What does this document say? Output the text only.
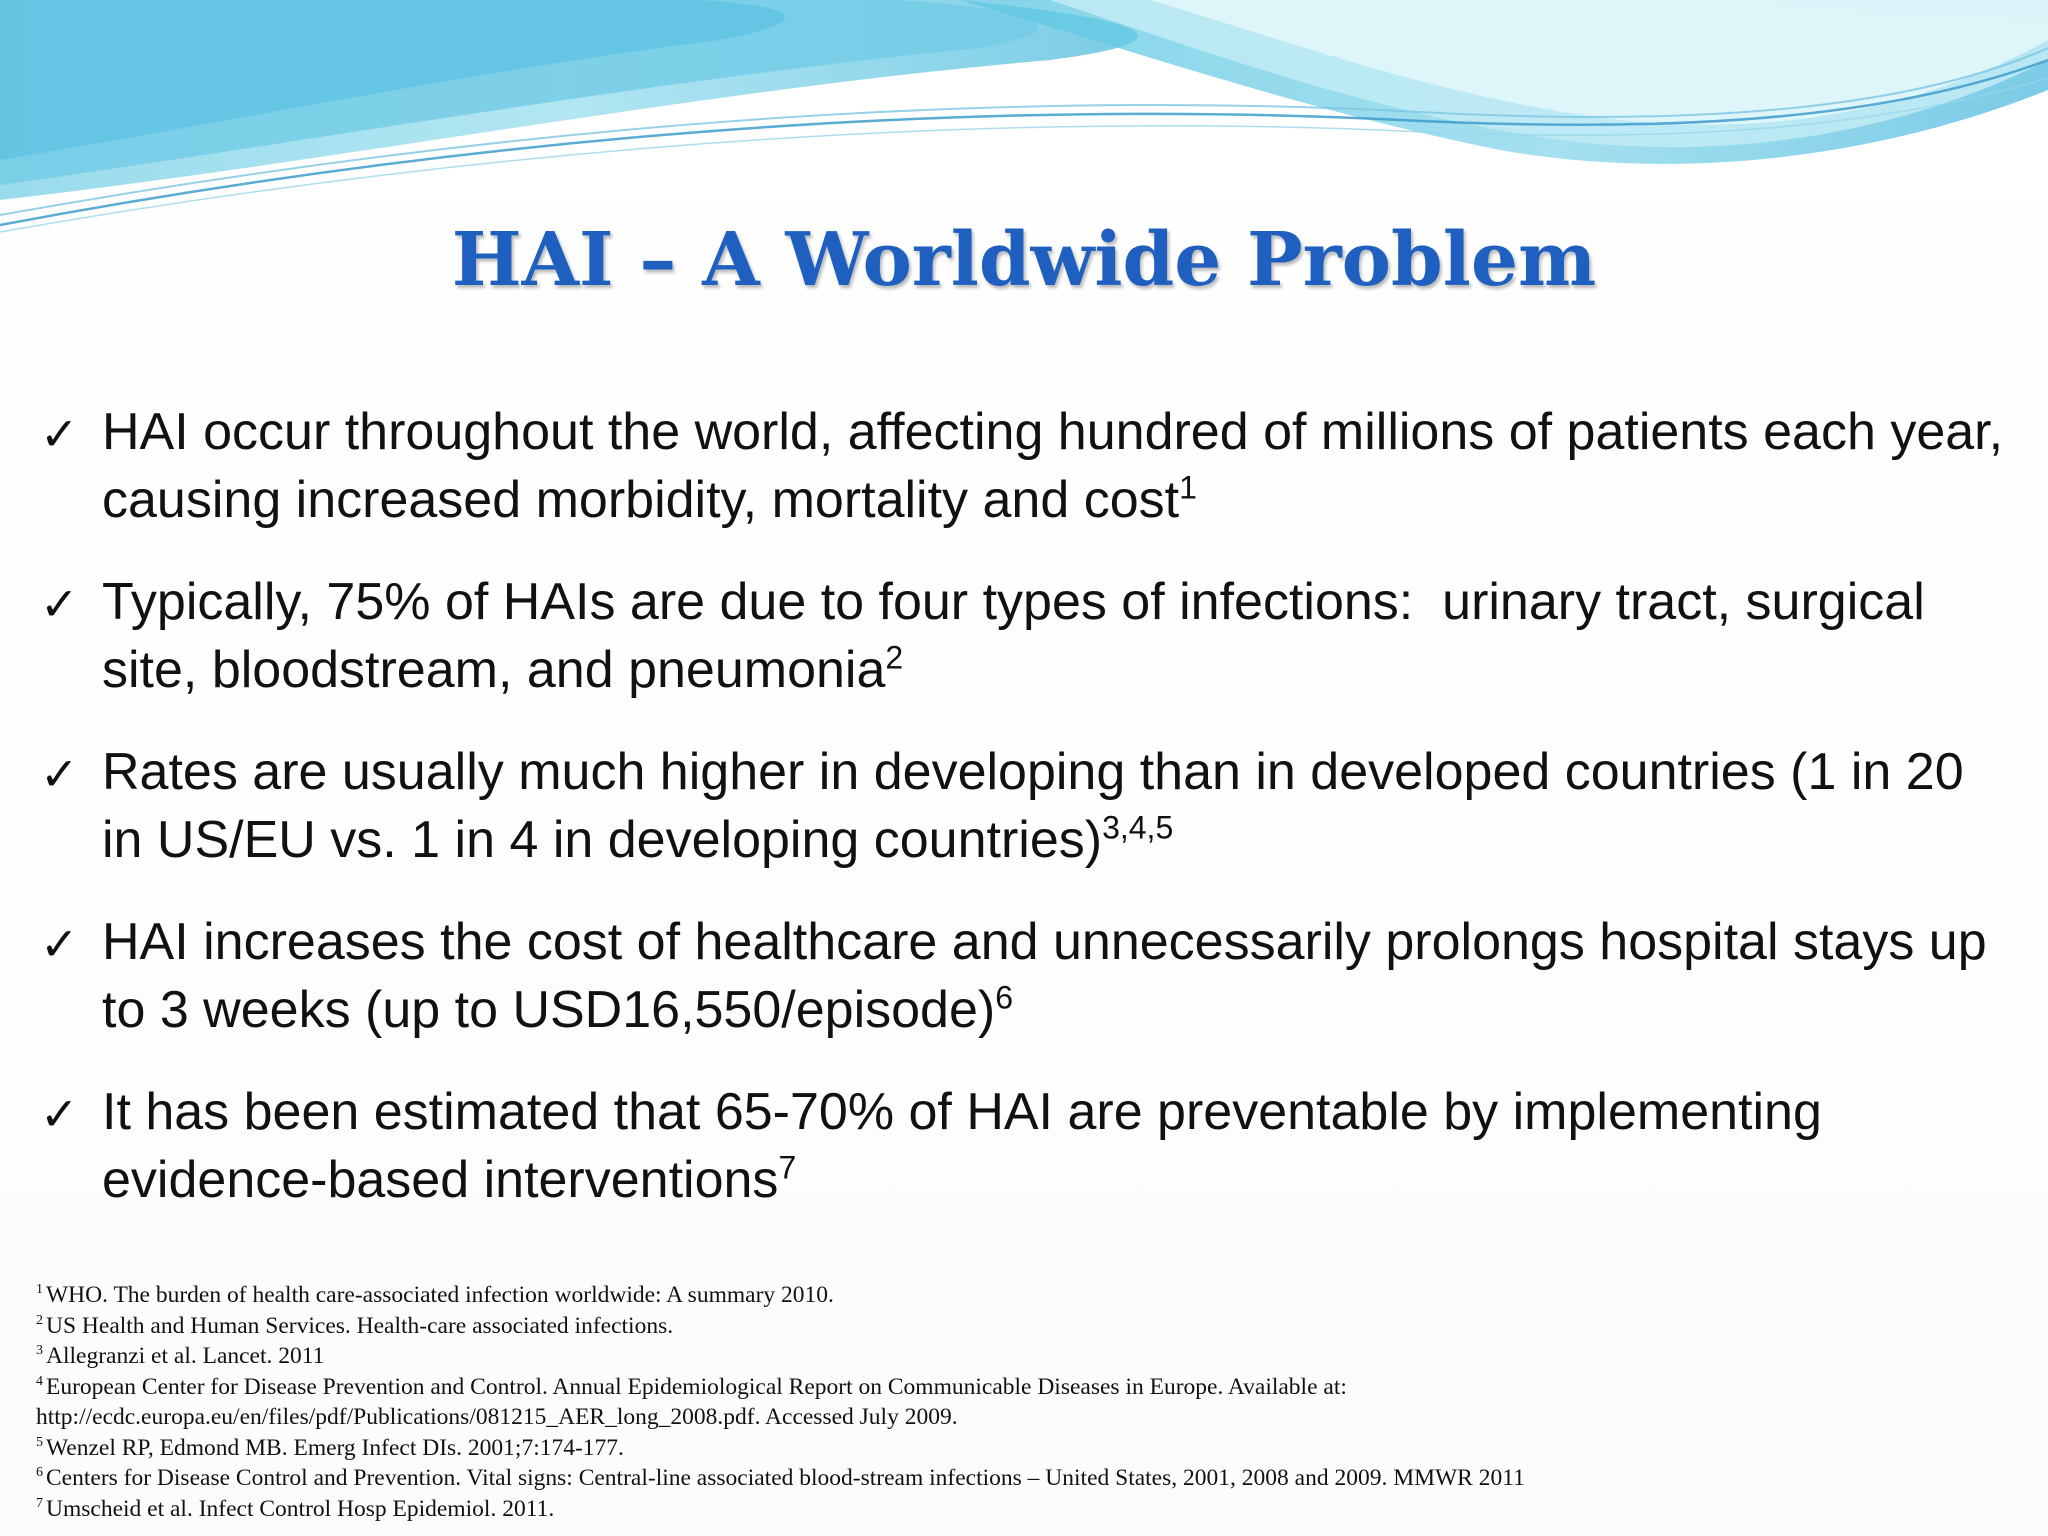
HAI – A Worldwide Problem
✓ HAI occur throughout the world, affecting hundred of millions of patients each year, causing increased morbidity, mortality and cost$^1$
✓ Typically, 75% of HAIs are due to four types of infections:  urinary tract, surgical site, bloodstream, and pneumonia$^2$
✓ Rates are usually much higher in developing than in developed countries (1 in 20 in US/EU vs. 1 in 4 in developing countries)$^{3,4,5}$
✓ HAI increases the cost of healthcare and unnecessarily prolongs hospital stays up to 3 weeks (up to USD16,550/episode)$^6$
✓ It has been estimated that 65-70% of HAI are preventable by implementing evidence-based interventions$^7$

$^1$ WHO. The burden of health care-associated infection worldwide: A summary 2010.

$^2$ US Health and Human Services. Health-care associated infections.

$^3$ Allegranzi et al. Lancet. 2011

$^4$ European Center for Disease Prevention and Control. Annual Epidemiological Report on Communicable Diseases in Europe. Available at:

http://ecdc.europa.eu/en/files/pdf/Publications/081215_AER_long_2008.pdf. Accessed July 2009.

$^5$ Wenzel RP, Edmond MB. Emerg Infect DIs. 2001;7:174-177.

$^6$ Centers for Disease Control and Prevention. Vital signs: Central-line associated blood-stream infections – United States, 2001, 2008 and 2009. MMWR 2011

$^7$ Umscheid et al. Infect Control Hosp Epidemiol. 2011.
